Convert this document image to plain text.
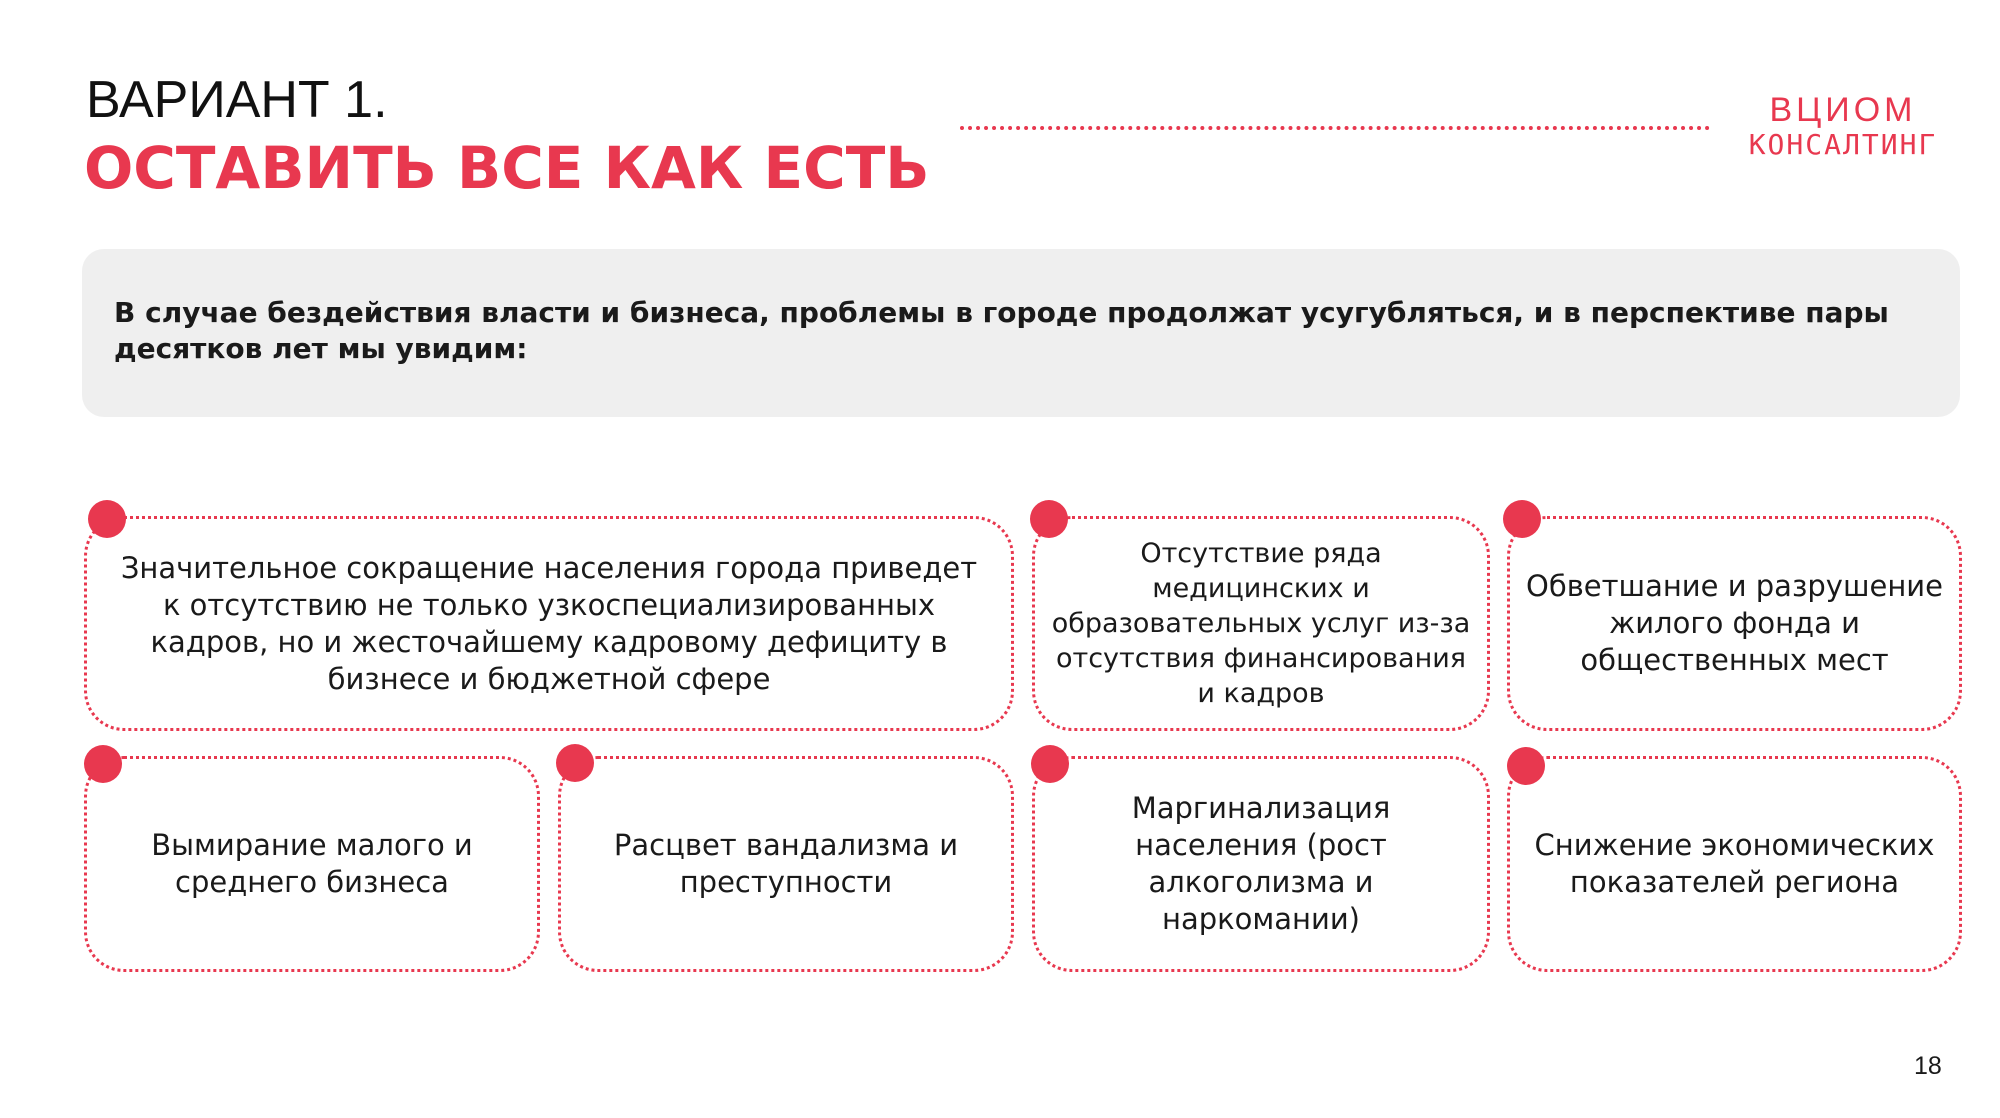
ВАРИАНТ 1.
ОСТАВИТЬ ВСЕ КАК ЕСТЬ
ВЦИОМ
КОНСАЛТИНГ
В случае бездействия власти и бизнеса, проблемы в городе продолжат усугубляться, и в перспективе пары десятков лет мы увидим:
Значительное сокращение населения города приведет к отсутствию не только узкоспециализированных кадров, но и жесточайшему кадровому дефициту в бизнесе и бюджетной сфере
Отсутствие ряда медицинских и образовательных услуг из-за отсутствия финансирования и кадров
Обветшание и разрушение жилого фонда и общественных мест
Вымирание малого и среднего бизнеса
Расцвет вандализма и преступности
Маргинализация населения (рост алкоголизма и наркомании)
Снижение экономических показателей региона
18
